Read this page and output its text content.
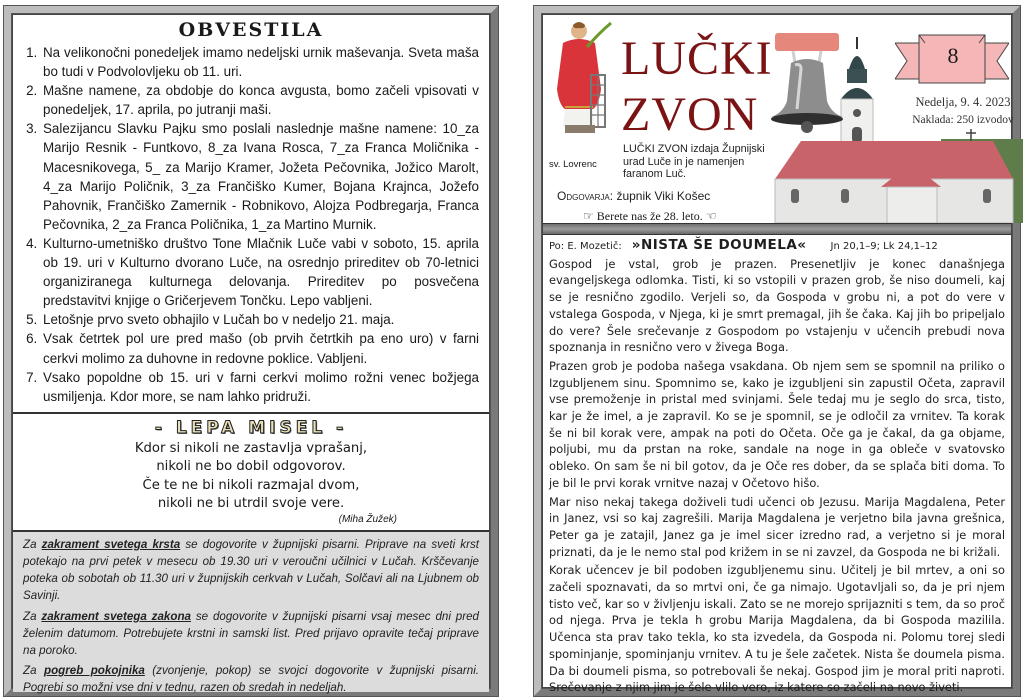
OBVESTILA
1. Na velikonočni ponedeljek imamo nedeljski urnik maševanja. Sveta maša bo tudi v Podvolovljeku ob 11. uri.
2. Mašne namene, za obdobje do konca avgusta, bomo začeli vpisovati v ponedeljek, 17. aprila, po jutranji maši.
3. Salezijancu Slavku Pajku smo poslali naslednje mašne namene: 10_za Marijo Resnik - Funtkovo, 8_za Ivana Rosca, 7_za Franca Moličnika - Macesnikovega, 5_ za Marijo Kramer, Jožeta Pečovnika, Jožico Marolt, 4_za Marijo Poličnik, 3_za Frančiško Kumer, Bojana Krajnca, Jožefo Pahovnik, Frančiško Zamernik - Robnikovo, Alojza Podbregarja, Franca Pečovnika, 2_za Franca Poličnika, 1_za Martino Murnik.
4. Kulturno-umetniško društvo Tone Mlačnik Luče vabi v soboto, 15. aprila ob 19. uri v Kulturno dvorano Luče, na osrednjo prireditev ob 70-letnici organiziranega kulturnega delovanja. Prireditev po posvečena predstavitvi knjige o Gričerjevem Tončku. Lepo vabljeni.
5. Letošnje prvo sveto obhajilo v Lučah bo v nedeljo 21. maja.
6. Vsak četrtek pol ure pred mašo (ob prvih četrtkih pa eno uro) v farni cerkvi molimo za duhovne in redovne poklice. Vabljeni.
7. Vsako popoldne ob 15. uri v farni cerkvi molimo rožni venec božjega usmiljenja. Kdor more, se nam lahko pridruži.
- LEPA MISEL -
Kdor si nikoli ne zastavlja vprašanj,
nikoli ne bo dobil odgovorov.
Če te ne bi nikoli razmajal dvom,
nikoli ne bi utrdil svoje vere.
(Miha Žužek)

Za zakrament svetega krsta se dogovorite v župnijski pisarni. Priprave na sveti krst potekajo na prvi petek v mesecu ob 19.30 uri v veroučni učilnici v Lučah. Krščevanje poteka ob sobotah ob 11.30 uri v župnijskih cerkvah v Lučah, Solčavi ali na Ljubnem ob Savinji.

Za zakrament svetega zakona se dogovorite v župnijski pisarni vsaj mesec dni pred želenim datumom. Potrebujete krstni in samski list. Pred prijavo opravite tečaj priprave na poroko.

Za pogreb pokojnika (zvonjenje, pokop) se svojci dogovorite v župnijski pisarni. Pogrebi so možni vse dni v tednu, razen ob sredah in nedeljah.

sv. Lovrenc
LUČKI
ZVON
LUČKI ZVON izdaja Župnijski
urad Luče in je namenjen
faranom Luč.
Odgovarja: župnik Viki Košec
☞ Berete nas že 28. leto. ☜
8
Nedelja, 9. 4. 2023
Naklada: 250 izvodov
Po: E. Mozetič: »NISTA ŠE DOUMELA« Jn 20,1–9; Lk 24,1–12

Gospod je vstal, grob je prazen. Presenetljiv je konec današnjega evangeljskega odlomka. Tisti, ki so vstopili v prazen grob, še niso doumeli, kaj se je resnično zgodilo. Verjeli so, da Gospoda v grobu ni, a pot do vere v vstalega Gospoda, v Njega, ki je smrt premagal, jih še čaka. Kaj jih bo pripeljalo do vere? Šele srečevanje z Gospodom po vstajenju v učencih prebudi nova spoznanja in resnično vero v živega Boga.

Prazen grob je podoba našega vsakdana. Ob njem sem se spomnil na priliko o Izgubljenem sinu. Spomnimo se, kako je izgubljeni sin zapustil Očeta, zapravil vse premoženje in pristal med svinjami. Šele tedaj mu je seglo do srca, tisto, kar je že imel, a je zapravil. Ko se je spomnil, se je odločil za vrnitev. Ta korak še ni bil korak vere, ampak na poti do Očeta. Oče ga je čakal, da ga objame, poljubi, mu da prstan na roke, sandale na noge in ga obleče v svatovsko obleko. On sam še ni bil gotov, da je Oče res dober, da se splača biti doma. To je bil le prvi korak vrnitve nazaj v Očetovo hišo.

Mar niso nekaj takega doživeli tudi učenci ob Jezusu. Marija Magdalena, Peter in Janez, vsi so kaj zagrešili. Marija Magdalena je verjetno bila javna grešnica, Peter ga je zatajil, Janez ga je imel sicer izredno rad, a verjetno si je moral priznati, da je le nemo stal pod križem in se ni zavzel, da Gospoda ne bi križali.

Korak učencev je bil podoben izgubljenemu sinu. Učitelj je bil mrtev, a oni so začeli spoznavati, da so mrtvi oni, če ga nimajo. Ugotavljali so, da je pri njem tisto več, kar so v življenju iskali. Zato se ne morejo sprijazniti s tem, da so proč od njega. Prva je tekla h grobu Marija Magdalena, da bi Gospoda mazilila. Učenca sta prav tako tekla, ko sta izvedela, da Gospoda ni. Polomu torej sledi spominjanje, spominjanju vrnitev. A tu je šele začetek. Nista še doumela pisma. Da bi doumeli pisma, so potrebovali še nekaj. Gospod jim je moral priti naproti. Srečevanje z njim jim je šele vlilo vero, iz katere so začeli na novo živeti.
